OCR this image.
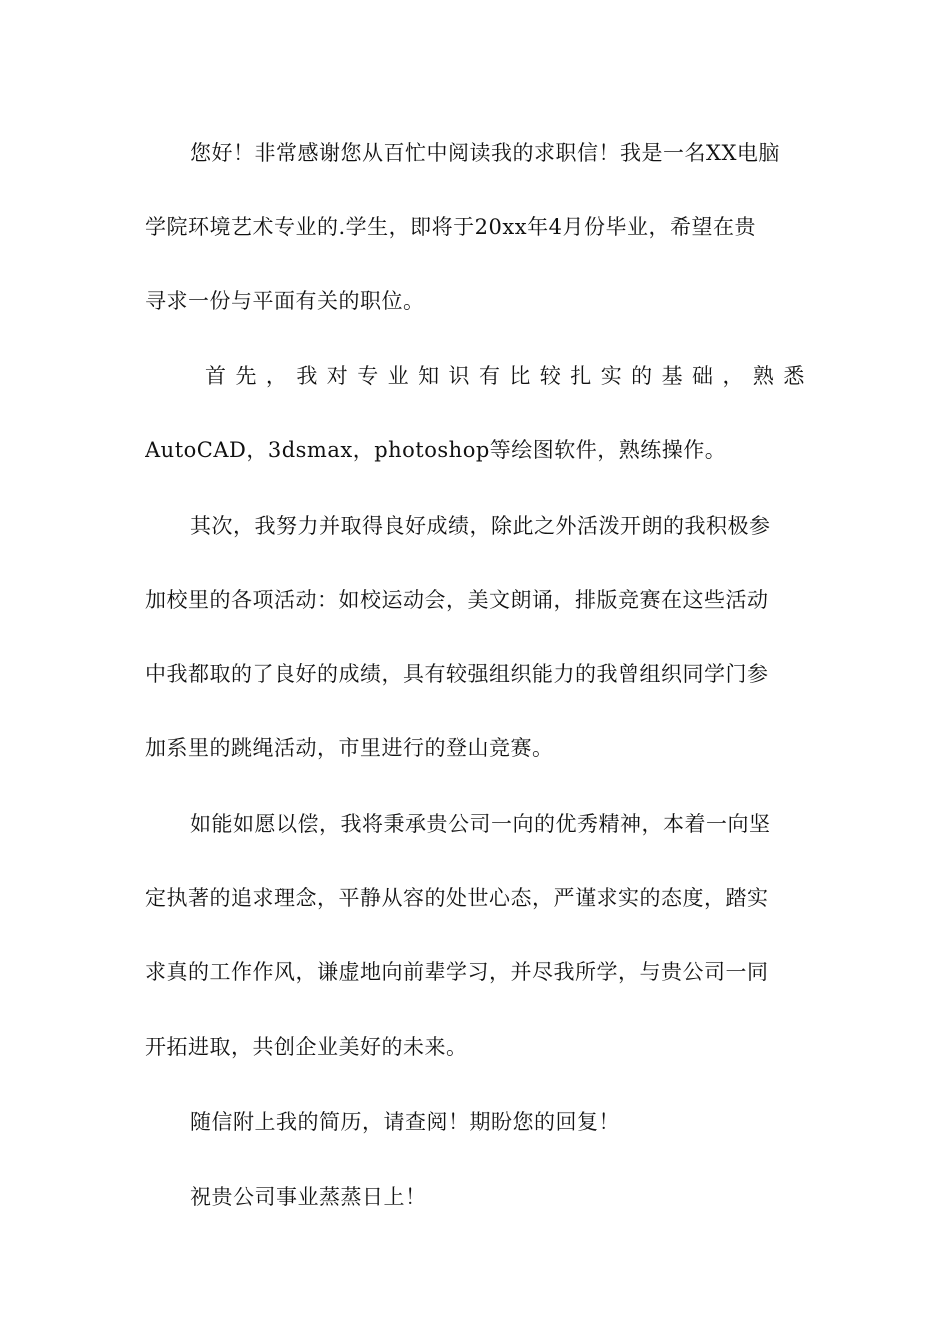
您好！非常感谢您从百忙中阅读我的求职信！我是一名XX电脑
学院环境艺术专业的.学生，即将于20xx年4月份毕业，希望在贵
寻求一份与平面有关的职位。
首 先 ， 我 对 专 业 知 识 有 比 较 扎 实 的 基 础 ， 熟 悉
AutoCAD，3dsmax，photoshop等绘图软件，熟练操作。
其次，我努力并取得良好成绩，除此之外活泼开朗的我积极参
加校里的各项活动：如校运动会，美文朗诵，排版竞赛在这些活动
中我都取的了良好的成绩，具有较强组织能力的我曾组织同学门参
加系里的跳绳活动，市里进行的登山竞赛。
如能如愿以偿，我将秉承贵公司一向的优秀精神，本着一向坚
定执著的追求理念，平静从容的处世心态，严谨求实的态度，踏实
求真的工作作风，谦虚地向前辈学习，并尽我所学，与贵公司一同
开拓进取，共创企业美好的未来。
随信附上我的简历，请查阅！期盼您的回复！
祝贵公司事业蒸蒸日上！
